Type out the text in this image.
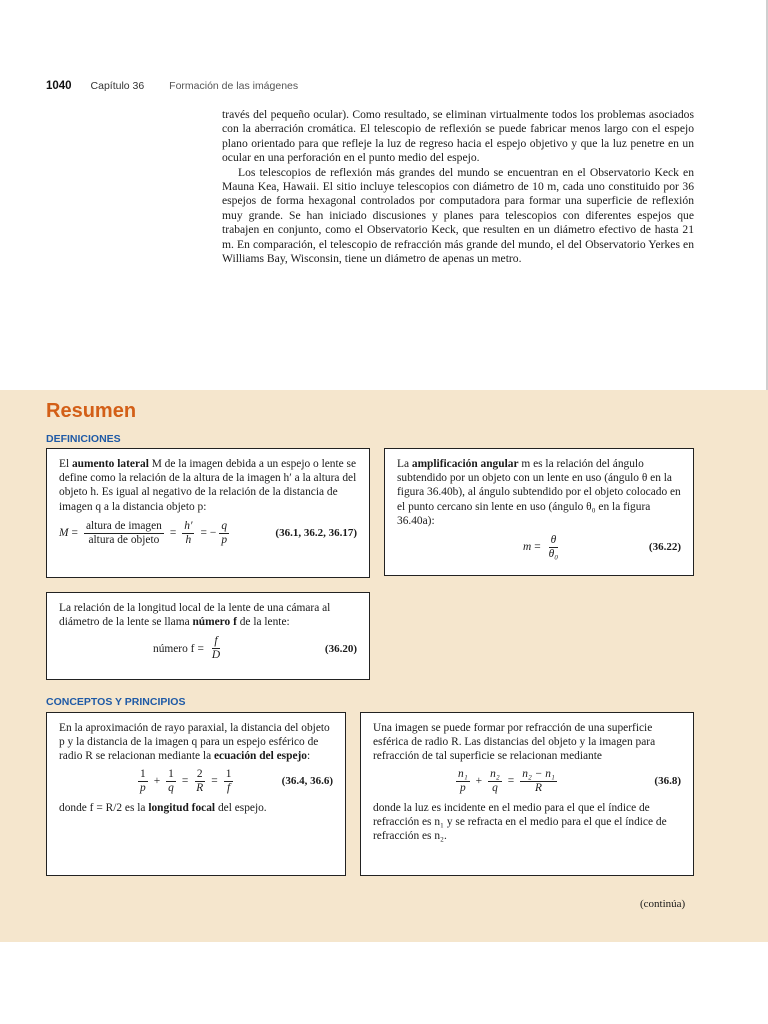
1040 Capítulo 36 Formación de las imágenes

través del pequeño ocular). Como resultado, se eliminan virtualmente todos los problemas asociados con la aberración cromática. El telescopio de reflexión se puede fabricar menos largo con el espejo plano orientado para que refleje la luz de regreso hacia el espejo objetivo y que la luz penetre en un ocular en una perforación en el punto medio del espejo.

Los telescopios de reflexión más grandes del mundo se encuentran en el Observatorio Keck en Mauna Kea, Hawaii. El sitio incluye telescopios con diámetro de 10 m, cada uno constituido por 36 espejos de forma hexagonal controlados por computadora para formar una superficie de reflexión muy grande. Se han iniciado discusiones y planes para telescopios con diferentes espejos que trabajen en conjunto, como el Observatorio Keck, que resulten en un diámetro efectivo de hasta 21 m. En comparación, el telescopio de refracción más grande del mundo, el del Observatorio Yerkes en Williams Bay, Wisconsin, tiene un diámetro de apenas un metro.

Resumen
DEFINICIONES

El aumento lateral M de la imagen debida a un espejo o lente se define como la relación de la altura de la imagen h′ a la altura del objeto h. Es igual al negativo de la relación de la distancia de imagen q a la distancia objeto p:

$M = \frac{\text{altura de imagen}}{\text{altura de objeto}} = \frac{h'}{h}$ = − $\frac{q}{p}$	(36.1, 36.2, 36.17)

La amplificación angular m es la relación del ángulo subtendido por un objeto con un lente en uso (ángulo θ en la figura 36.40b), al ángulo subtendido por el objeto colocado en el punto cercano sin lente en uso (ángulo θ₀ en la figura 36.40a):

$m = \frac{\theta}{\text{θ₀}}$	(36.22)

La relación de la longitud local de la lente de una cámara al diámetro de la lente se llama número f de la lente:

número $f = \frac{f}{D}$	(36.20)
CONCEPTOS Y PRINCIPIOS

En la aproximación de rayo paraxial, la distancia del objeto p y la distancia de la imagen q para un espejo esférico de radio R se relacionan mediante la ecuación del espejo:

$\frac{1}{p} + \frac{1}{q} = \frac{2}{R} = \frac{1}{f}$	(36.4, 36.6)

donde f = R/2 es la longitud focal del espejo.

Una imagen se puede formar por refracción de una superficie esférica de radio R. Las distancias del objeto y la imagen para refracción de tal superficie se relacionan mediante

$\frac{\text{n₁}}{p} + \frac{\text{n₂}}{q} = \frac{\text{n₂ − n₁}}{R}$	(36.8)

donde la luz es incidente en el medio para el que el índice de refracción es n₁ y se refracta en el medio para el que el índice de refracción es n₂.

(continúa)
